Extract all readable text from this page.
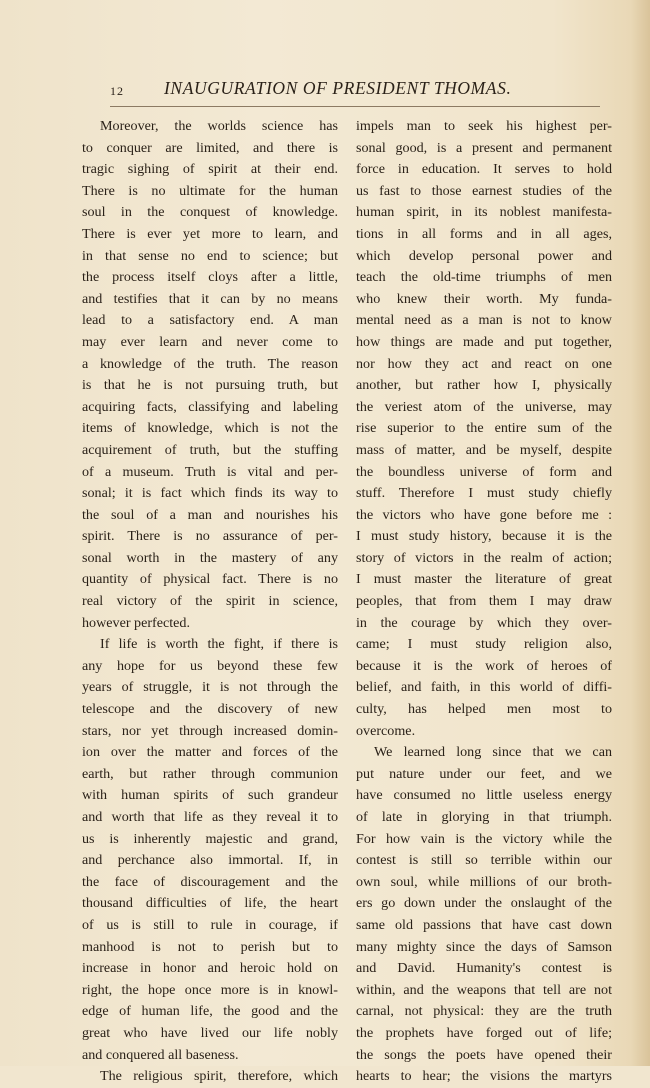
12 INAUGURATION OF PRESIDENT THOMAS.
Moreover, the worlds science has
to conquer are limited, and there is
tragic sighing of spirit at their end.
There is no ultimate for the human
soul in the conquest of knowledge.
There is ever yet more to learn, and
in that sense no end to science; but
the process itself cloys after a little,
and testifies that it can by no means
lead to a satisfactory end. A man
may ever learn and never come to
a knowledge of the truth. The reason
is that he is not pursuing truth, but
acquiring facts, classifying and labeling
items of knowledge, which is not the
acquirement of truth, but the stuffing
of a museum. Truth is vital and per-
sonal; it is fact which finds its way to
the soul of a man and nourishes his
spirit. There is no assurance of per-
sonal worth in the mastery of any
quantity of physical fact. There is no
real victory of the spirit in science,
however perfected.
If life is worth the fight, if there is
any hope for us beyond these few
years of struggle, it is not through the
telescope and the discovery of new
stars, nor yet through increased domin-
ion over the matter and forces of the
earth, but rather through communion
with human spirits of such grandeur
and worth that life as they reveal it to
us is inherently majestic and grand,
and perchance also immortal. If, in
the face of discouragement and the
thousand difficulties of life, the heart
of us is still to rule in courage, if
manhood is not to perish but to
increase in honor and heroic hold on
right, the hope once more is in knowl-
edge of human life, the good and the
great who have lived our life nobly
and conquered all baseness.
The religious spirit, therefore, which
impels man to seek his highest per-
sonal good, is a present and permanent
force in education. It serves to hold
us fast to those earnest studies of the
human spirit, in its noblest manifesta-
tions in all forms and in all ages,
which develop personal power and
teach the old-time triumphs of men
who knew their worth. My funda-
mental need as a man is not to know
how things are made and put together,
nor how they act and react on one
another, but rather how I, physically
the veriest atom of the universe, may
rise superior to the entire sum of the
mass of matter, and be myself, despite
the boundless universe of form and
stuff. Therefore I must study chiefly
the victors who have gone before me :
I must study history, because it is the
story of victors in the realm of action;
I must master the literature of great
peoples, that from them I may draw
in the courage by which they over-
came; I must study religion also,
because it is the work of heroes of
belief, and faith, in this world of diffi-
culty, has helped men most to
overcome.
We learned long since that we can
put nature under our feet, and we
have consumed no little useless energy
of late in glorying in that triumph.
For how vain is the victory while the
contest is still so terrible within our
own soul, while millions of our broth-
ers go down under the onslaught of the
same old passions that have cast down
many mighty since the days of Samson
and David. Humanity's contest is
within, and the weapons that tell are not
carnal, not physical: they are the truth
the prophets have forged out of life;
the songs the poets have opened their
hearts to hear; the visions the martyrs
